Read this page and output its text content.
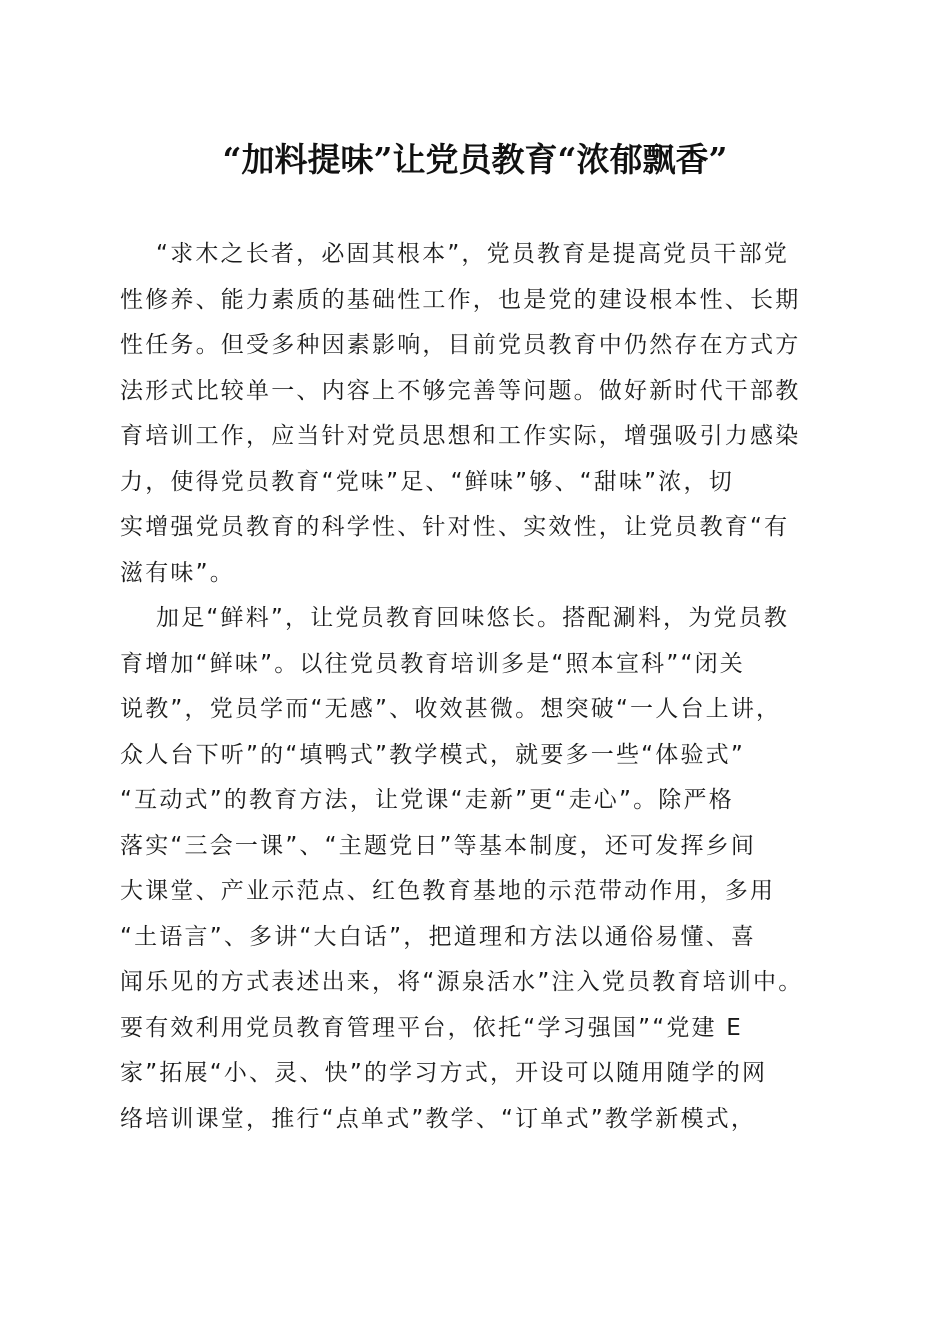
“加料提味”让党员教育“浓郁飘香”
“求木之长者，必固其根本”，党员教育是提高党员干部党
性修养、能力素质的基础性工作，也是党的建设根本性、长期
性任务。但受多种因素影响，目前党员教育中仍然存在方式方
法形式比较单一、内容上不够完善等问题。做好新时代干部教
育培训工作，应当针对党员思想和工作实际，增强吸引力感染
力，使得党员教育“党味”足、“鲜味”够、“甜味”浓，切
实增强党员教育的科学性、针对性、实效性，让党员教育“有
滋有味”。
加足“鲜料”，让党员教育回味悠长。搭配涮料，为党员教
育增加“鲜味”。以往党员教育培训多是“照本宣科”“闭关
说教”，党员学而“无感”、收效甚微。想突破“一人台上讲，
众人台下听”的“填鸭式”教学模式，就要多一些“体验式”
“互动式”的教育方法，让党课“走新”更“走心”。除严格
落实“三会一课”、“主题党日”等基本制度，还可发挥乡间
大课堂、产业示范点、红色教育基地的示范带动作用，多用
“土语言”、多讲“大白话”，把道理和方法以通俗易懂、喜
闻乐见的方式表述出来，将“源泉活水”注入党员教育培训中。
要有效利用党员教育管理平台，依托“学习强国”“党建 E
家”拓展“小、灵、快”的学习方式，开设可以随用随学的网
络培训课堂，推行“点单式”教学、“订单式”教学新模式，
